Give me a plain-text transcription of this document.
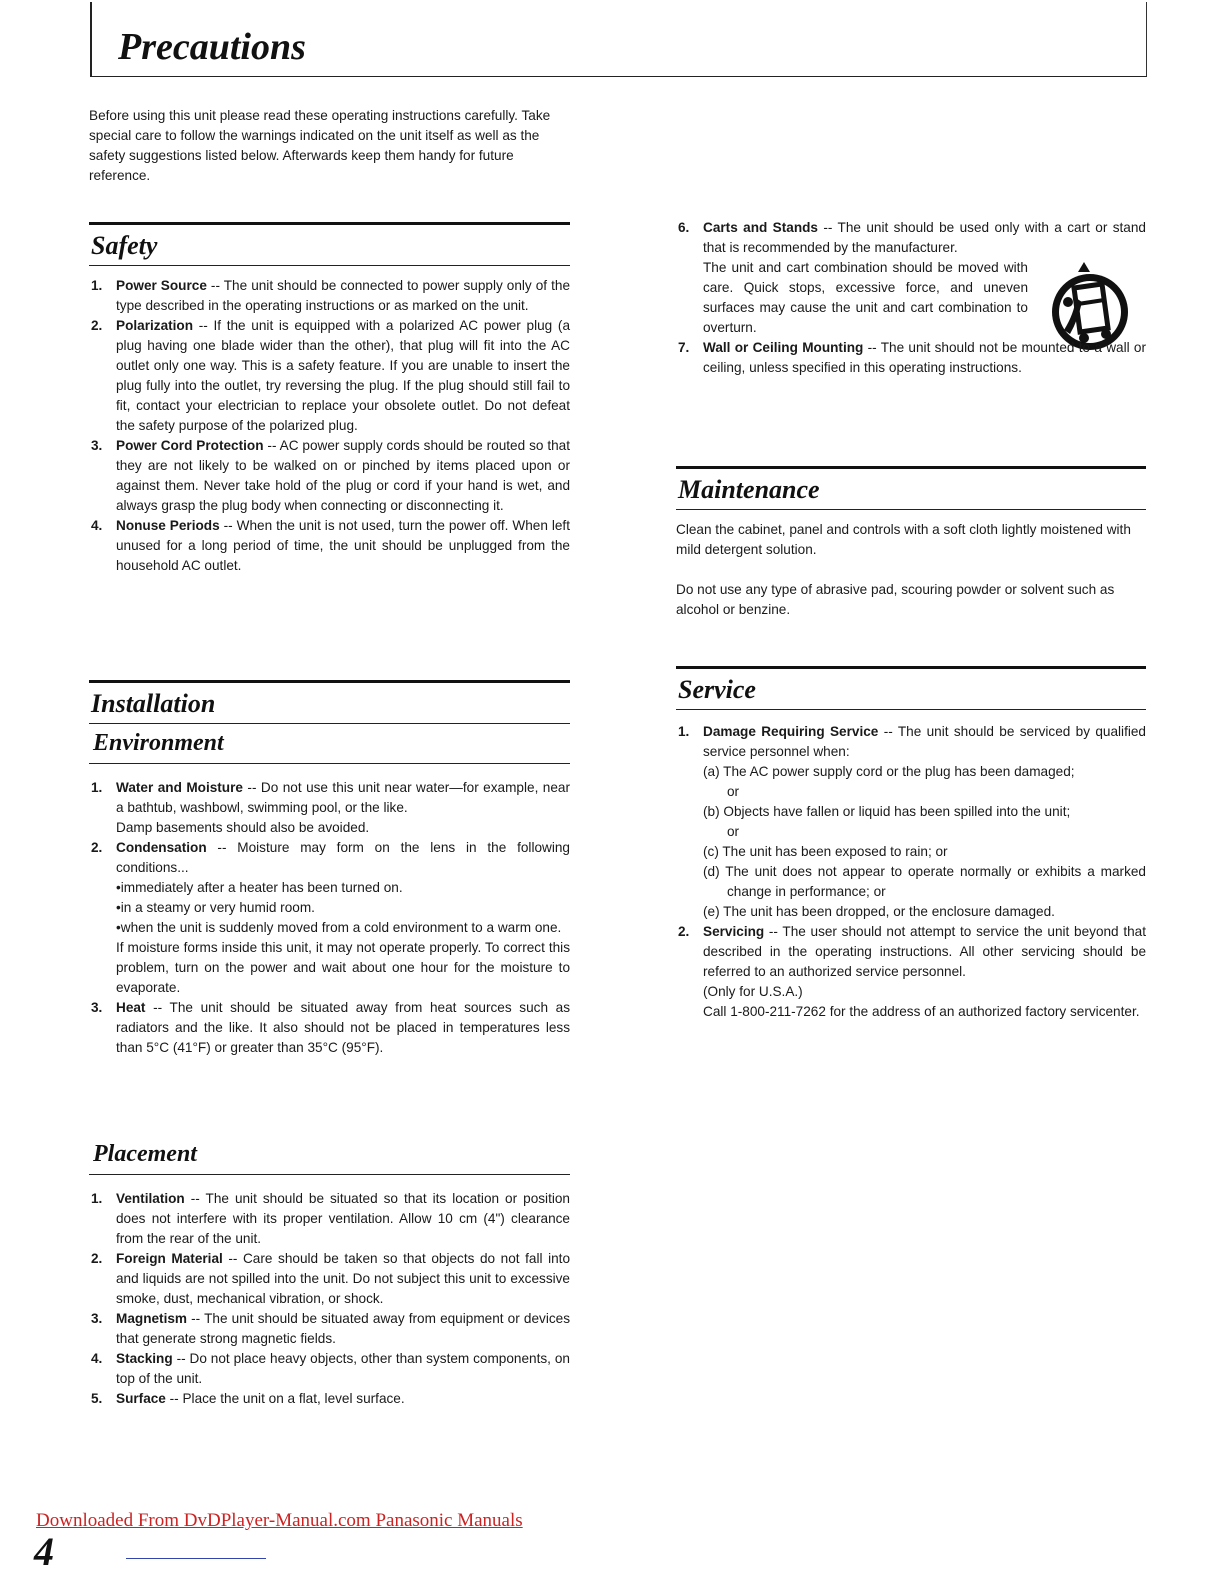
Precautions

Before using this unit please read these operating instructions carefully. Take special care to follow the warnings indicated on the unit itself as well as the safety suggestions listed below. Afterwards keep them handy for future reference.

Safety
1. Power Source -- The unit should be connected to power supply only of the type described in the operating instructions or as marked on the unit.
2. Polarization -- If the unit is equipped with a polarized AC power plug (a plug having one blade wider than the other), that plug will fit into the AC outlet only one way. This is a safety feature. If you are unable to insert the plug fully into the outlet, try reversing the plug. If the plug should still fail to fit, contact your electrician to replace your obsolete outlet. Do not defeat the safety purpose of the polarized plug.
3. Power Cord Protection -- AC power supply cords should be routed so that they are not likely to be walked on or pinched by items placed upon or against them. Never take hold of the plug or cord if your hand is wet, and always grasp the plug body when connecting or disconnecting it.
4. Nonuse Periods -- When the unit is not used, turn the power off. When left unused for a long period of time, the unit should be unplugged from the household AC outlet.
Installation
Environment
1. Water and Moisture -- Do not use this unit near water—for example, near a bathtub, washbowl, swimming pool, or the like.
Damp basements should also be avoided.
2. Condensation -- Moisture may form on the lens in the following conditions...
• immediately after a heater has been turned on.
• in a steamy or very humid room.
• when the unit is suddenly moved from a cold environment to a warm one.
If moisture forms inside this unit, it may not operate properly. To correct this problem, turn on the power and wait about one hour for the moisture to evaporate.
3. Heat -- The unit should be situated away from heat sources such as radiators and the like. It also should not be placed in temperatures less than 5°C (41°F) or greater than 35°C (95°F).
Placement
1. Ventilation -- The unit should be situated so that its location or position does not interfere with its proper ventilation. Allow 10 cm (4") clearance from the rear of the unit.
2. Foreign Material -- Care should be taken so that objects do not fall into and liquids are not spilled into the unit. Do not subject this unit to excessive smoke, dust, mechanical vibration, or shock.
3. Magnetism -- The unit should be situated away from equipment or devices that generate strong magnetic fields.
4. Stacking -- Do not place heavy objects, other than system components, on top of the unit.
5. Surface -- Place the unit on a flat, level surface.
6. Carts and Stands -- The unit should be used only with a cart or stand that is recommended by the manufacturer.
The unit and cart combination should be moved with care. Quick stops, excessive force, and uneven surfaces may cause the unit and cart combination to overturn.
7. Wall or Ceiling Mounting -- The unit should not be mounted to a wall or ceiling, unless specified in this operating instructions.
Maintenance

Clean the cabinet, panel and controls with a soft cloth lightly moistened with mild detergent solution.

Do not use any type of abrasive pad, scouring powder or solvent such as alcohol or benzine.

Service
1. Damage Requiring Service -- The unit should be serviced by qualified service personnel when:
(a) The AC power supply cord or the plug has been damaged;
or
(b) Objects have fallen or liquid has been spilled into the unit;
or
(c) The unit has been exposed to rain; or
(d) The unit does not appear to operate normally or exhibits a marked change in performance; or
(e) The unit has been dropped, or the enclosure damaged.
2. Servicing -- The user should not attempt to service the unit beyond that described in the operating instructions. All other servicing should be referred to an authorized service personnel.
(Only for U.S.A.)
Call 1-800-211-7262 for the address of an authorized factory servicenter.

4

Downloaded From DvDPlayer-Manual.com Panasonic Manuals
